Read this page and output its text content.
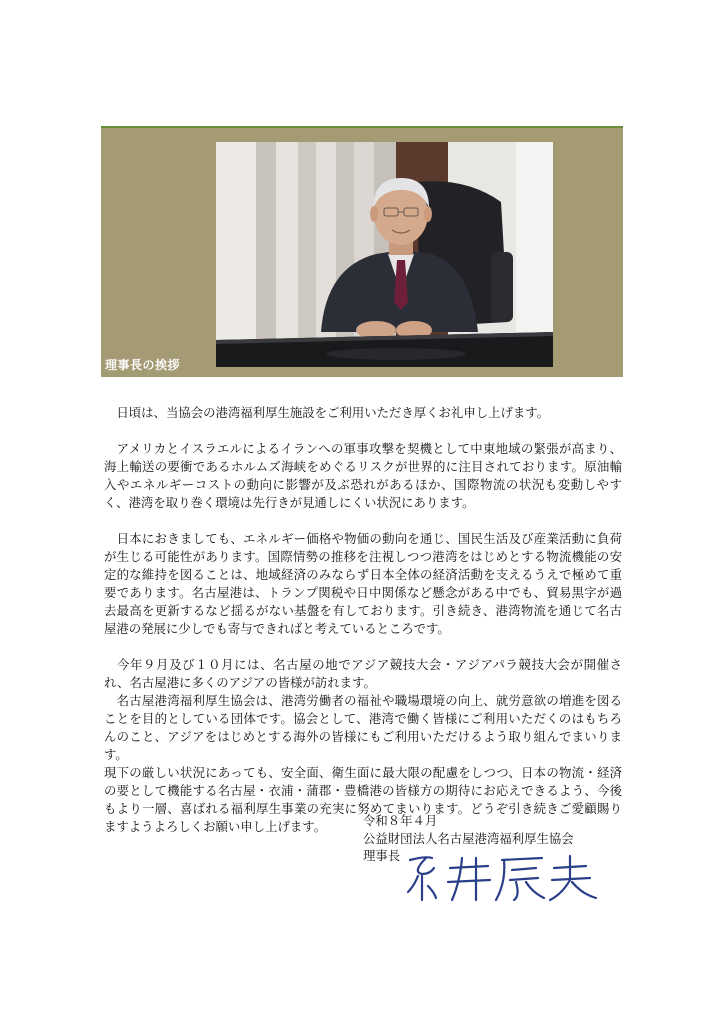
理事長の挨拶

　日頃は、当協会の港湾福利厚生施設をご利用いただき厚くお礼申し上げます。

　アメリカとイスラエルによるイランへの軍事攻撃を契機として中東地域の緊張が高まり、海上輸送の要衝であるホルムズ海峡をめぐるリスクが世界的に注目されております。原油輸入やエネルギーコストの動向に影響が及ぶ恐れがあるほか、国際物流の状況も変動しやすく、港湾を取り巻く環境は先行きが見通しにくい状況にあります。

　日本におきましても、エネルギー価格や物価の動向を通じ、国民生活及び産業活動に負荷が生じる可能性があります。国際情勢の推移を注視しつつ港湾をはじめとする物流機能の安定的な維持を図ることは、地域経済のみならず日本全体の経済活動を支えるうえで極めて重要であります。名古屋港は、トランプ関税や日中関係など懸念がある中でも、貿易黒字が過去最高を更新するなど揺るがない基盤を有しております。引き続き、港湾物流を通じて名古屋港の発展に少しでも寄与できればと考えているところです。

　今年９月及び１０月には、名古屋の地でアジア競技大会・アジアパラ競技大会が開催され、名古屋港に多くのアジアの皆様が訪れます。

　名古屋港湾福利厚生協会は、港湾労働者の福祉や職場環境の向上、就労意欲の増進を図ることを目的としている団体です。協会として、港湾で働く皆様にご利用いただくのはもちろんのこと、アジアをはじめとする海外の皆様にもご利用いただけるよう取り組んでまいります。

現下の厳しい状況にあっても、安全面、衛生面に最大限の配慮をしつつ、日本の物流・経済の要として機能する名古屋・衣浦・蒲郡・豊橋港の皆様方の期待にお応えできるよう、今後もより一層、喜ばれる福利厚生事業の充実に努めてまいります。どうぞ引き続きご愛顧賜りますようよろしくお願い申し上げます。	令和８年４月
公益財団法人名古屋港湾福利厚生協会
理事長
